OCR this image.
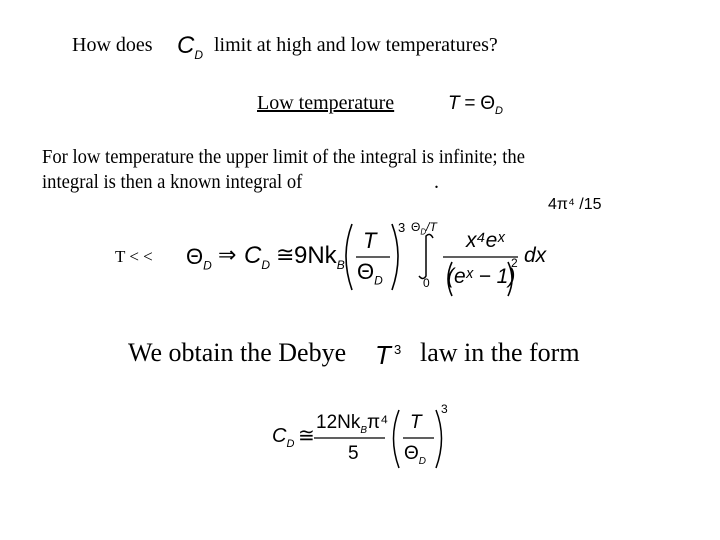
How does $C_D$ limit at high and low temperatures?
Low temperature	$T = \Theta_D$
For low temperature the upper limit of the integral is infinite; the
integral is then a known integral of	.
4π⁴ /15
T < < $\Theta_D$ ⇒ $C_D$ ≅ $9Nk_B$
T
$\Theta_D$
3 $\Theta_D/T$
0
x⁴eˣ
(eˣ − 1)
2 dx
We obtain the Debye T 3 law in the form
$C_D$ ≅
$12Nk_B\pi^4$
5
T
$\Theta_D$
3
